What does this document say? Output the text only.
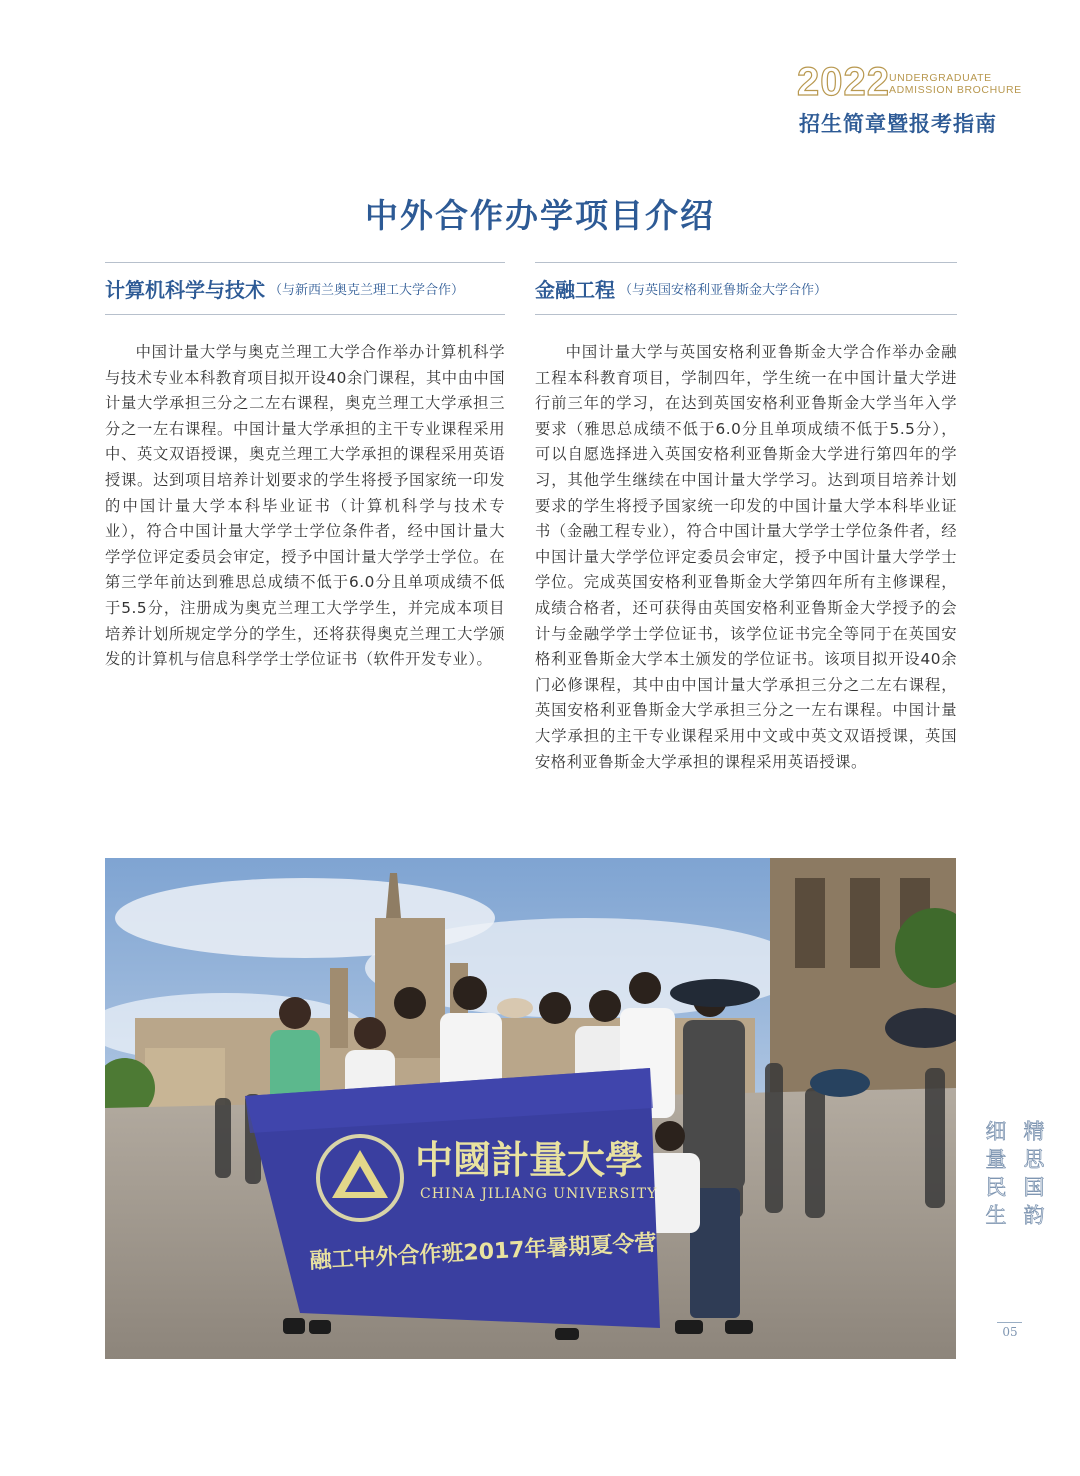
2022 UNDERGRADUATE
ADMISSION BROCHURE
招生简章暨报考指南
中外合作办学项目介绍
计算机科学与技术 （与新西兰奥克兰理工大学合作）
中国计量大学与奥克兰理工大学合作举办计算机科学与技术专业本科教育项目拟开设40余门课程，其中由中国计量大学承担三分之二左右课程，奥克兰理工大学承担三分之一左右课程。中国计量大学承担的主干专业课程采用中、英文双语授课，奥克兰理工大学承担的课程采用英语授课。达到项目培养计划要求的学生将授予国家统一印发的中国计量大学本科毕业证书（计算机科学与技术专业），符合中国计量大学学士学位条件者，经中国计量大学学位评定委员会审定，授予中国计量大学学士学位。在第三学年前达到雅思总成绩不低于6.0分且单项成绩不低于5.5分，注册成为奥克兰理工大学学生，并完成本项目培养计划所规定学分的学生，还将获得奥克兰理工大学颁发的计算机与信息科学学士学位证书（软件开发专业）。
金融工程 （与英国安格利亚鲁斯金大学合作）
中国计量大学与英国安格利亚鲁斯金大学合作举办金融工程本科教育项目，学制四年，学生统一在中国计量大学进行前三年的学习，在达到英国安格利亚鲁斯金大学当年入学要求（雅思总成绩不低于6.0分且单项成绩不低于5.5分），可以自愿选择进入英国安格利亚鲁斯金大学进行第四年的学习，其他学生继续在中国计量大学学习。达到项目培养计划要求的学生将授予国家统一印发的中国计量大学本科毕业证书（金融工程专业），符合中国计量大学学士学位条件者，经中国计量大学学位评定委员会审定，授予中国计量大学学士学位。完成英国安格利亚鲁斯金大学第四年所有主修课程，成绩合格者，还可获得由英国安格利亚鲁斯金大学授予的会计与金融学学士学位证书，该学位证书完全等同于在英国安格利亚鲁斯金大学本土颁发的学位证书。该项目拟开设40余门必修课程，其中由中国计量大学承担三分之二左右课程，英国安格利亚鲁斯金大学承担三分之一左右课程。中国计量大学承担的主干专业课程采用中文或中英文双语授课，英国安格利亚鲁斯金大学承担的课程采用英语授课。
中國計量大學
CHINA JILIANG UNIVERSITY
融工中外合作班2017年暑期夏令营
精思国韵
细量民生
05
